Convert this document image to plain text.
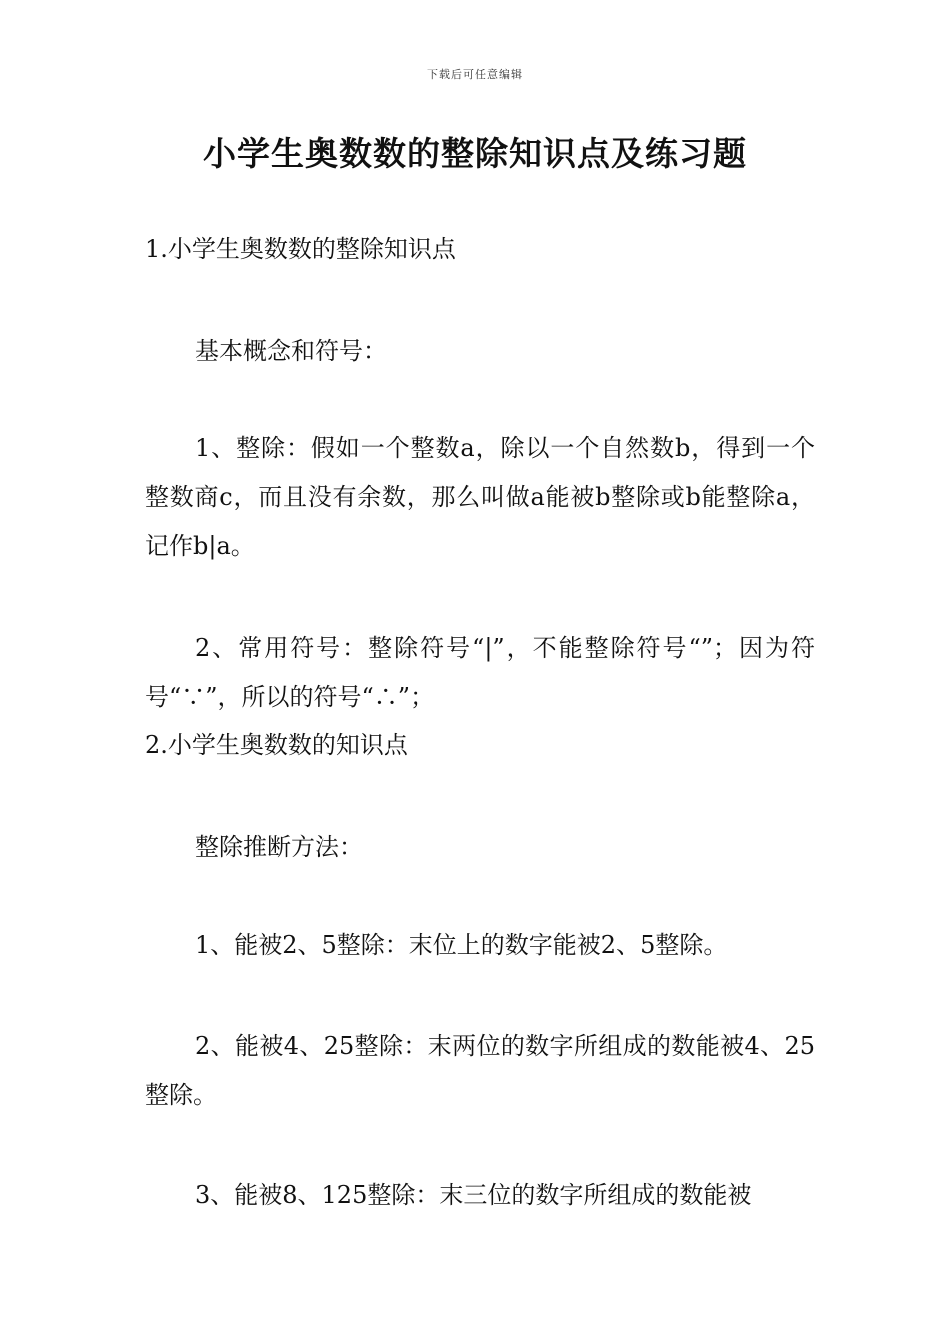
下载后可任意编辑
小学生奥数数的整除知识点及练习题

1.小学生奥数数的整除知识点

基本概念和符号：

1、整除：假如一个整数a，除以一个自然数b，得到一个整数商c，而且没有余数，那么叫做a能被b整除或b能整除a，记作b|a。

2、常用符号：整除符号“|”，不能整除符号“”；因为符号“∵”，所以的符号“∴”；

2.小学生奥数数的知识点

整除推断方法：

1、能被2、5整除：末位上的数字能被2、5整除。

2、能被4、25整除：末两位的数字所组成的数能被4、25整除。

3、能被8、125整除：末三位的数字所组成的数能被
